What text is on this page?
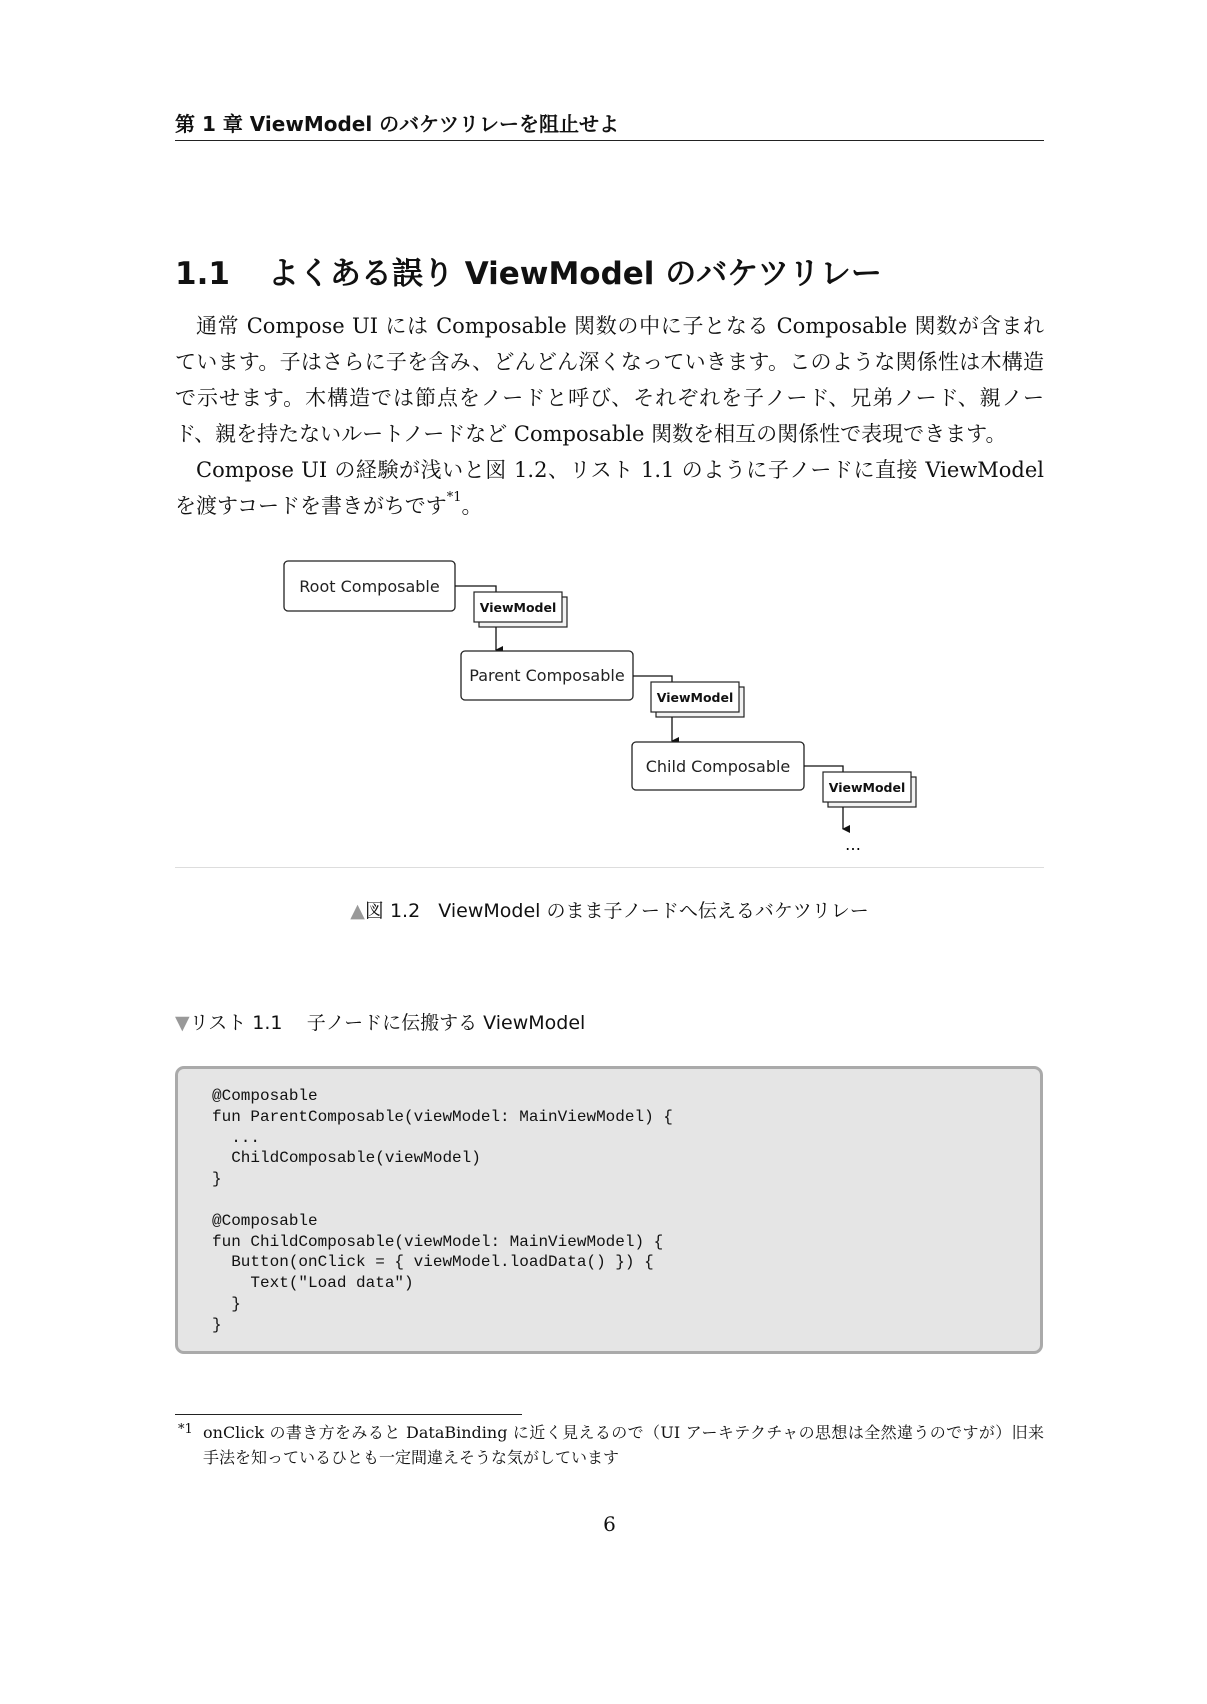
第 1 章 ViewModel のバケツリレーを阻止せよ
1.1 よくある誤り ViewModel のバケツリレー

通常 Compose UI には Composable 関数の中に子となる Composable 関数が含まれています。子はさらに子を含み、どんどん深くなっていきます。このような関係性は木構造で示せます。木構造では節点をノードと呼び、それぞれを子ノード、兄弟ノード、親ノード、親を持たないルートノードなど Composable 関数を相互の関係性で表現できます。

Compose UI の経験が浅いと図 1.2、リスト 1.1 のように子ノードに直接 ViewModel を渡すコードを書きがちです$^{*1}$。

Root Composable
ViewModel
Parent Composable
ViewModel
Child Composable
ViewModel
…
▲図 1.2 ViewModel のまま子ノードへ伝えるバケツリレー
▼リスト 1.1 子ノードに伝搬する ViewModel
@Composable
fun ParentComposable(viewModel: MainViewModel) {
...
ChildComposable(viewModel)
}

@Composable
fun ChildComposable(viewModel: MainViewModel) {
Button(onClick = { viewModel.loadData() }) {
Text("Load data")
}
}
*1 onClick の書き方をみると DataBinding に近く見えるので（UI アーキテクチャの思想は全然違うのですが）旧来手法を知っているひとも一定間違えそうな気がしています
6
